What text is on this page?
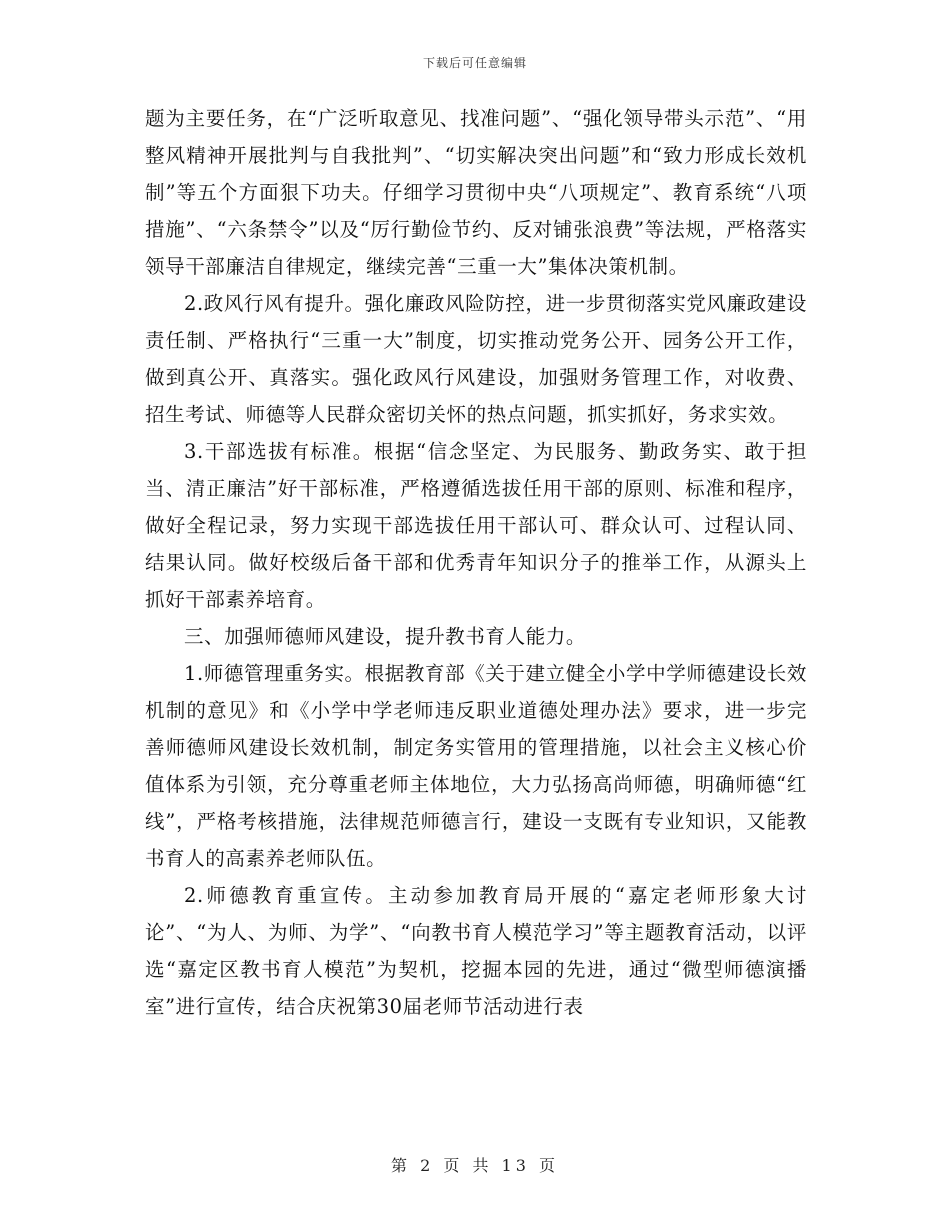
下载后可任意编辑

题为主要任务，在“广泛听取意见、找准问题”、“强化领导带头示范”、“用整风精神开展批判与自我批判”、“切实解决突出问题”和“致力形成长效机制”等五个方面狠下功夫。仔细学习贯彻中央“八项规定”、教育系统“八项措施”、“六条禁令”以及“厉行勤俭节约、反对铺张浪费”等法规，严格落实领导干部廉洁自律规定，继续完善“三重一大”集体决策机制。

2.政风行风有提升。强化廉政风险防控，进一步贯彻落实党风廉政建设责任制、严格执行“三重一大”制度，切实推动党务公开、园务公开工作，做到真公开、真落实。强化政风行风建设，加强财务管理工作，对收费、招生考试、师德等人民群众密切关怀的热点问题，抓实抓好，务求实效。

3.干部选拔有标准。根据“信念坚定、为民服务、勤政务实、敢于担当、清正廉洁”好干部标准，严格遵循选拔任用干部的原则、标准和程序，做好全程记录，努力实现干部选拔任用干部认可、群众认可、过程认同、结果认同。做好校级后备干部和优秀青年知识分子的推举工作，从源头上抓好干部素养培育。

三、加强师德师风建设，提升教书育人能力。

1.师德管理重务实。根据教育部《关于建立健全小学中学师德建设长效机制的意见》和《小学中学老师违反职业道德处理办法》要求，进一步完善师德师风建设长效机制，制定务实管用的管理措施，以社会主义核心价值体系为引领，充分尊重老师主体地位，大力弘扬高尚师德，明确师德“红线”，严格考核措施，法律规范师德言行，建设一支既有专业知识，又能教书育人的高素养老师队伍。

2.师德教育重宣传。主动参加教育局开展的“嘉定老师形象大讨论”、“为人、为师、为学”、“向教书育人模范学习”等主题教育活动，以评选“嘉定区教书育人模范”为契机，挖掘本园的先进，通过“微型师德演播室”进行宣传，结合庆祝第30届老师节活动进行表

第 2 页 共 13 页
